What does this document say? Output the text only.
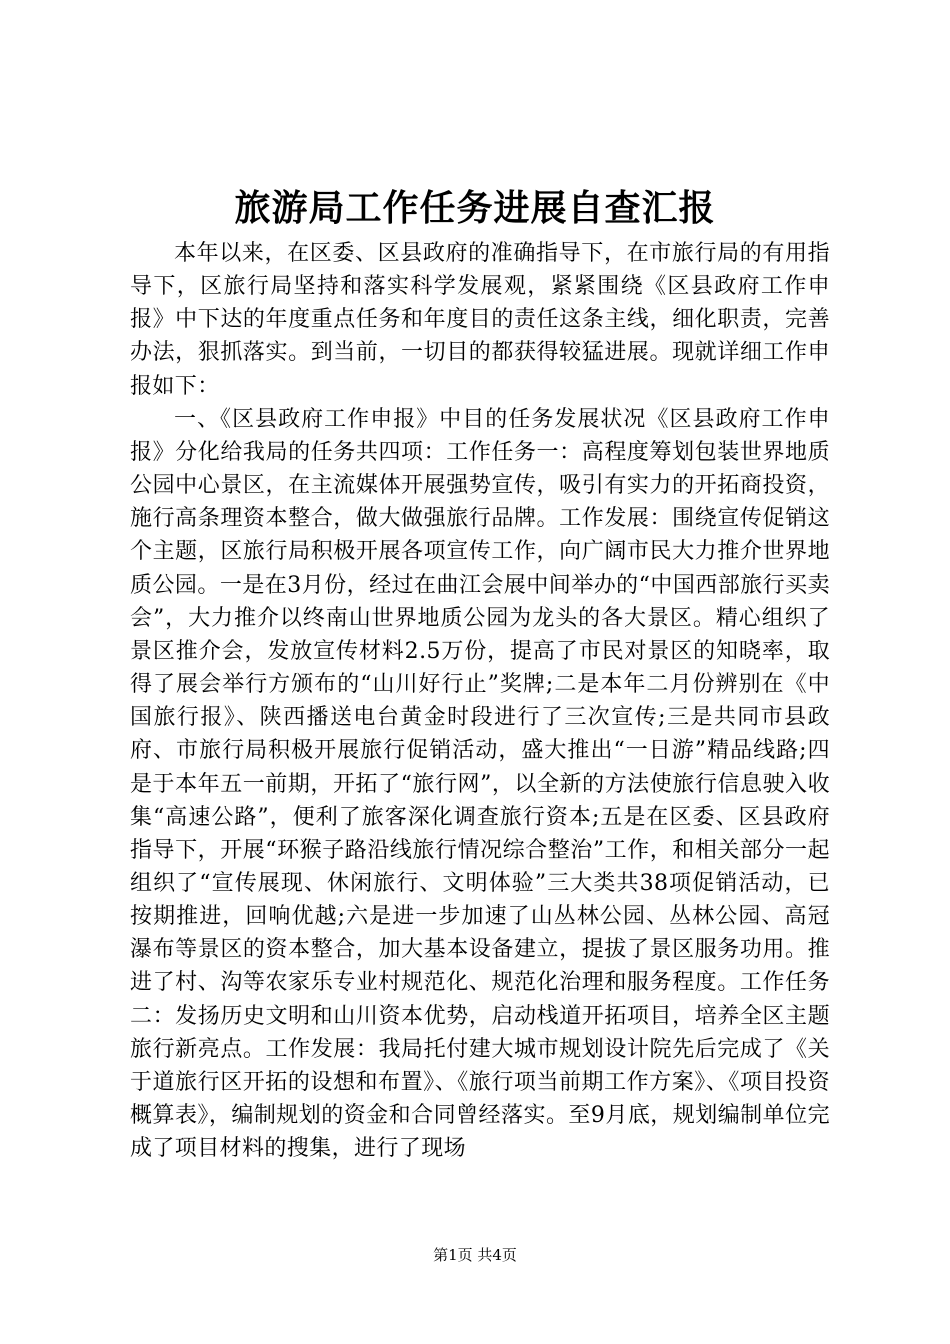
旅游局工作任务进展自查汇报

本年以来，在区委、区县政府的准确指导下，在市旅行局的有用指导下，区旅行局坚持和落实科学发展观，紧紧围绕《区县政府工作申报》中下达的年度重点任务和年度目的责任这条主线，细化职责，完善办法，狠抓落实。到当前，一切目的都获得较猛进展。现就详细工作申报如下：

一、《区县政府工作申报》中目的任务发展状况《区县政府工作申报》分化给我局的任务共四项：工作任务一：高程度筹划包装世界地质公园中心景区，在主流媒体开展强势宣传，吸引有实力的开拓商投资，施行高条理资本整合，做大做强旅行品牌。工作发展：围绕宣传促销这个主题，区旅行局积极开展各项宣传工作，向广阔市民大力推介世界地质公园。一是在3月份，经过在曲江会展中间举办的“中国西部旅行买卖会”，大力推介以终南山世界地质公园为龙头的各大景区。精心组织了景区推介会，发放宣传材料2.5万份，提高了市民对景区的知晓率，取得了展会举行方颁布的“山川好行止”奖牌;二是本年二月份辨别在《中国旅行报》、陕西播送电台黄金时段进行了三次宣传;三是共同市县政府、市旅行局积极开展旅行促销活动，盛大推出“一日游”精品线路;四是于本年五一前期，开拓了“旅行网”，以全新的方法使旅行信息驶入收集“高速公路”，便利了旅客深化调查旅行资本;五是在区委、区县政府指导下，开展“环猴子路沿线旅行情况综合整治”工作，和相关部分一起组织了“宣传展现、休闲旅行、文明体验”三大类共38项促销活动，已按期推进，回响优越;六是进一步加速了山丛林公园、丛林公园、高冠瀑布等景区的资本整合，加大基本设备建立，提拔了景区服务功用。推进了村、沟等农家乐专业村规范化、规范化治理和服务程度。工作任务二：发扬历史文明和山川资本优势，启动栈道开拓项目，培养全区主题旅行新亮点。工作发展：我局托付建大城市规划设计院先后完成了《关于道旅行区开拓的设想和布置》、《旅行项当前期工作方案》、《项目投资概算表》，编制规划的资金和合同曾经落实。至9月底，规划编制单位完成了项目材料的搜集，进行了现场

第1页 共4页
